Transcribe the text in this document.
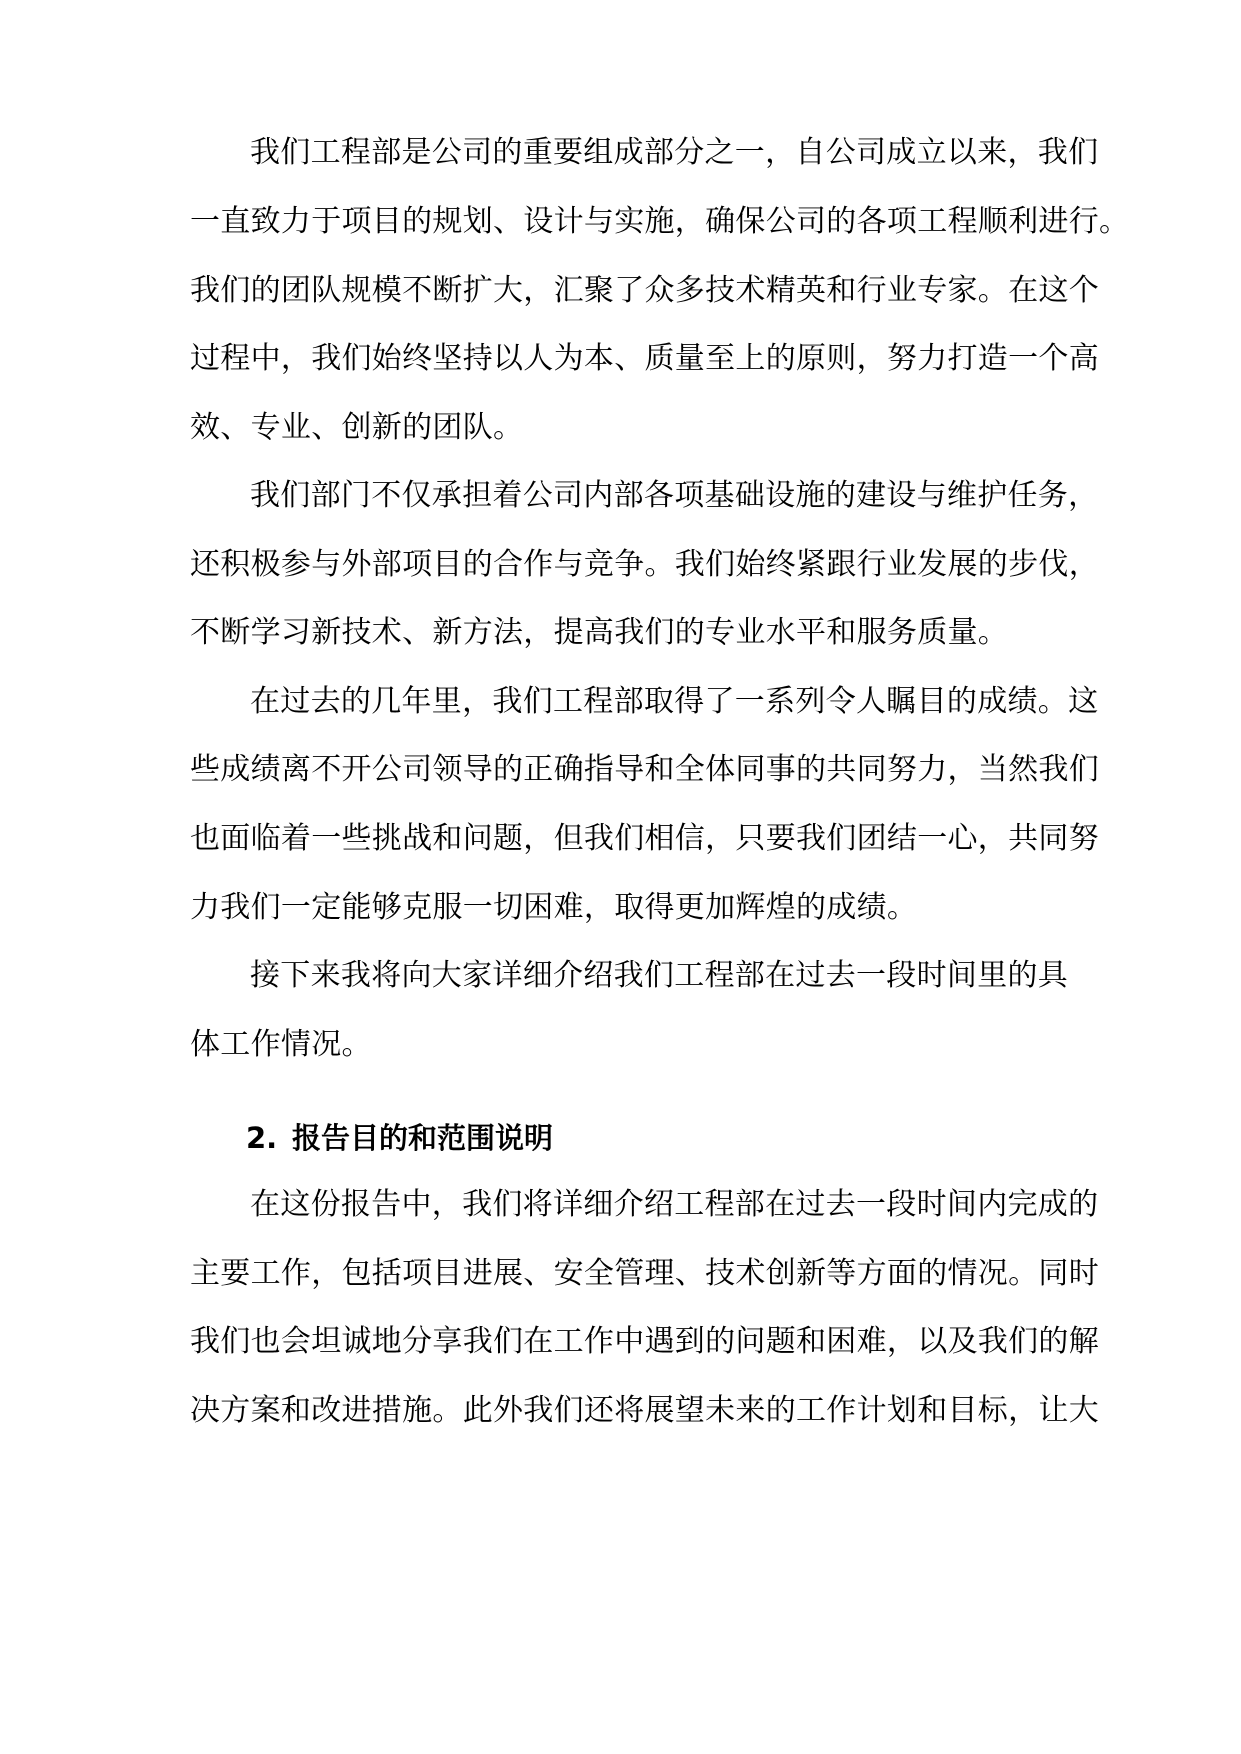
我们工程部是公司的重要组成部分之一，自公司成立以来，我们
一直致力于项目的规划、设计与实施，确保公司的各项工程顺利进行。
我们的团队规模不断扩大，汇聚了众多技术精英和行业专家。在这个
过程中，我们始终坚持以人为本、质量至上的原则，努力打造一个高
效、专业、创新的团队。
我们部门不仅承担着公司内部各项基础设施的建设与维护任务，
还积极参与外部项目的合作与竞争。我们始终紧跟行业发展的步伐，
不断学习新技术、新方法，提高我们的专业水平和服务质量。
在过去的几年里，我们工程部取得了一系列令人瞩目的成绩。这
些成绩离不开公司领导的正确指导和全体同事的共同努力，当然我们
也面临着一些挑战和问题，但我们相信，只要我们团结一心，共同努
力我们一定能够克服一切困难，取得更加辉煌的成绩。
接下来我将向大家详细介绍我们工程部在过去一段时间里的具
体工作情况。
2. 报告目的和范围说明
在这份报告中，我们将详细介绍工程部在过去一段时间内完成的
主要工作，包括项目进展、安全管理、技术创新等方面的情况。同时
我们也会坦诚地分享我们在工作中遇到的问题和困难，以及我们的解
决方案和改进措施。此外我们还将展望未来的工作计划和目标，让大
